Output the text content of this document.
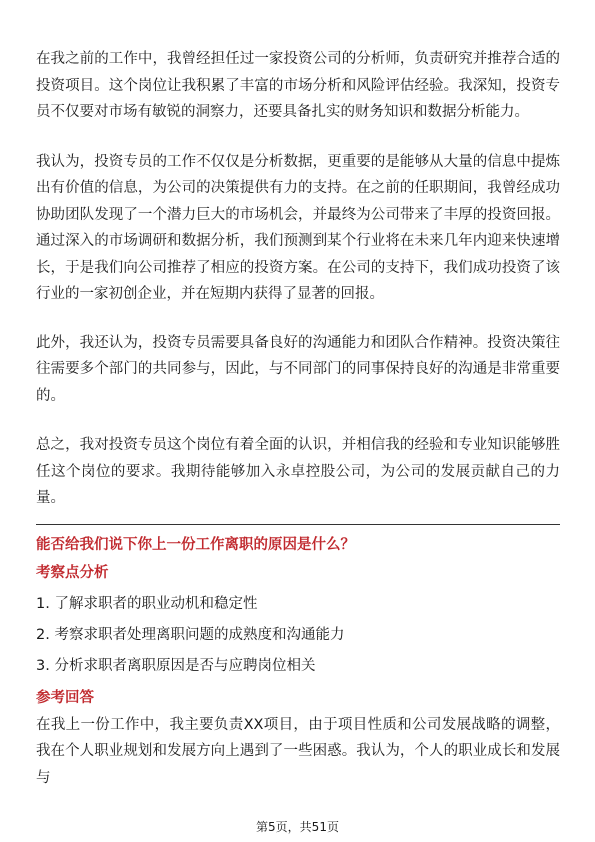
在我之前的工作中，我曾经担任过一家投资公司的分析师，负责研究并推荐合适的投资项目。这个岗位让我积累了丰富的市场分析和风险评估经验。我深知，投资专员不仅要对市场有敏锐的洞察力，还要具备扎实的财务知识和数据分析能力。

我认为，投资专员的工作不仅仅是分析数据，更重要的是能够从大量的信息中提炼出有价值的信息，为公司的决策提供有力的支持。在之前的任职期间，我曾经成功协助团队发现了一个潜力巨大的市场机会，并最终为公司带来了丰厚的投资回报。通过深入的市场调研和数据分析，我们预测到某个行业将在未来几年内迎来快速增长，于是我们向公司推荐了相应的投资方案。在公司的支持下，我们成功投资了该行业的一家初创企业，并在短期内获得了显著的回报。

此外，我还认为，投资专员需要具备良好的沟通能力和团队合作精神。投资决策往往需要多个部门的共同参与，因此，与不同部门的同事保持良好的沟通是非常重要的。

总之，我对投资专员这个岗位有着全面的认识，并相信我的经验和专业知识能够胜任这个岗位的要求。我期待能够加入永卓控股公司，为公司的发展贡献自己的力量。

能否给我们说下你上一份工作离职的原因是什么？

考察点分析

1. 了解求职者的职业动机和稳定性

2. 考察求职者处理离职问题的成熟度和沟通能力

3. 分析求职者离职原因是否与应聘岗位相关

参考回答

在我上一份工作中，我主要负责XX项目，由于项目性质和公司发展战略的调整，我在个人职业规划和发展方向上遇到了一些困惑。我认为，个人的职业成长和发展与

第5页，共51页
